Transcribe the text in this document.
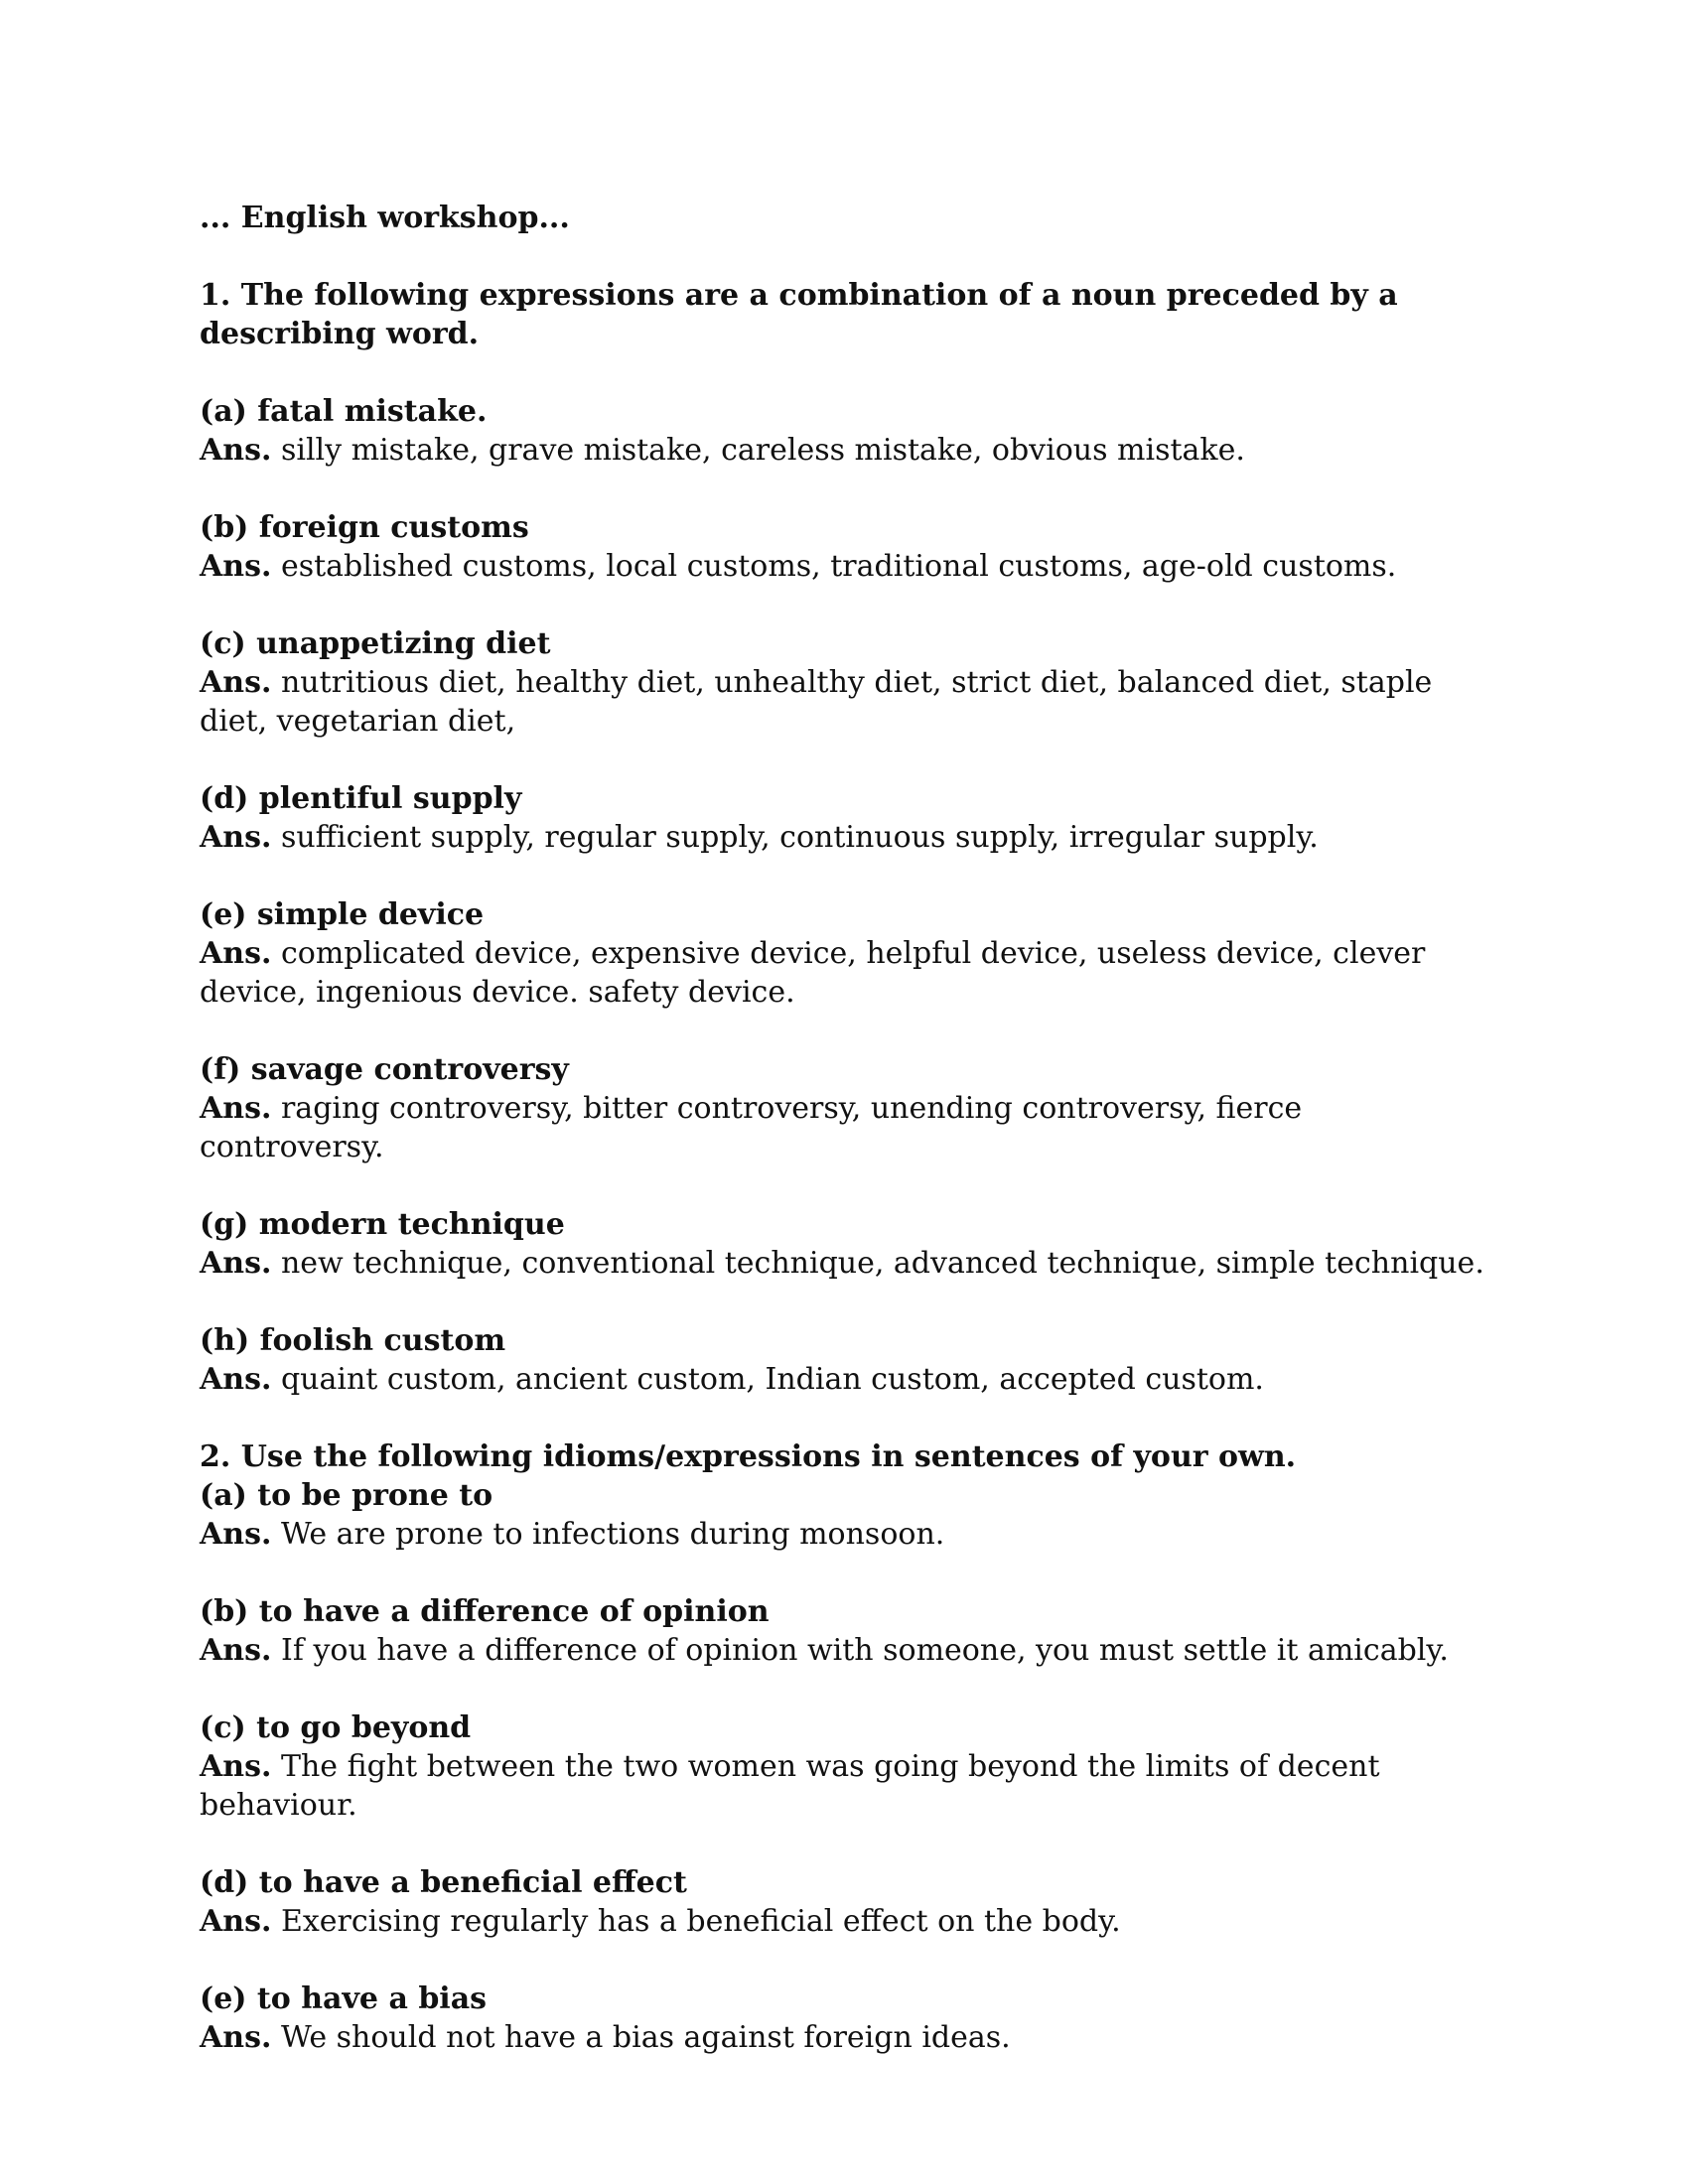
... English workshop...

1. The following expressions are a combination of a noun preceded by a describing word.

(a) fatal mistake.
Ans. silly mistake, grave mistake, careless mistake, obvious mistake.
(b) foreign customs
Ans. established customs, local customs, traditional customs, age-old customs.
(c) unappetizing diet
Ans. nutritious diet, healthy diet, unhealthy diet, strict diet, balanced diet, staple diet, vegetarian diet,
(d) plentiful supply
Ans. sufficient supply, regular supply, continuous supply, irregular supply.
(e) simple device
Ans. complicated device, expensive device, helpful device, useless device, clever device, ingenious device. safety device.
(f) savage controversy
Ans. raging controversy, bitter controversy, unending controversy, fierce controversy.
(g) modern technique
Ans. new technique, conventional technique, advanced technique, simple technique.
(h) foolish custom
Ans. quaint custom, ancient custom, Indian custom, accepted custom.

2. Use the following idioms/expressions in sentences of your own.

(a) to be prone to
Ans. We are prone to infections during monsoon.
(b) to have a difference of opinion
Ans. If you have a difference of opinion with someone, you must settle it amicably.
(c) to go beyond
Ans. The fight between the two women was going beyond the limits of decent behaviour.
(d) to have a beneficial effect
Ans. Exercising regularly has a beneficial effect on the body.
(e) to have a bias
Ans. We should not have a bias against foreign ideas.
